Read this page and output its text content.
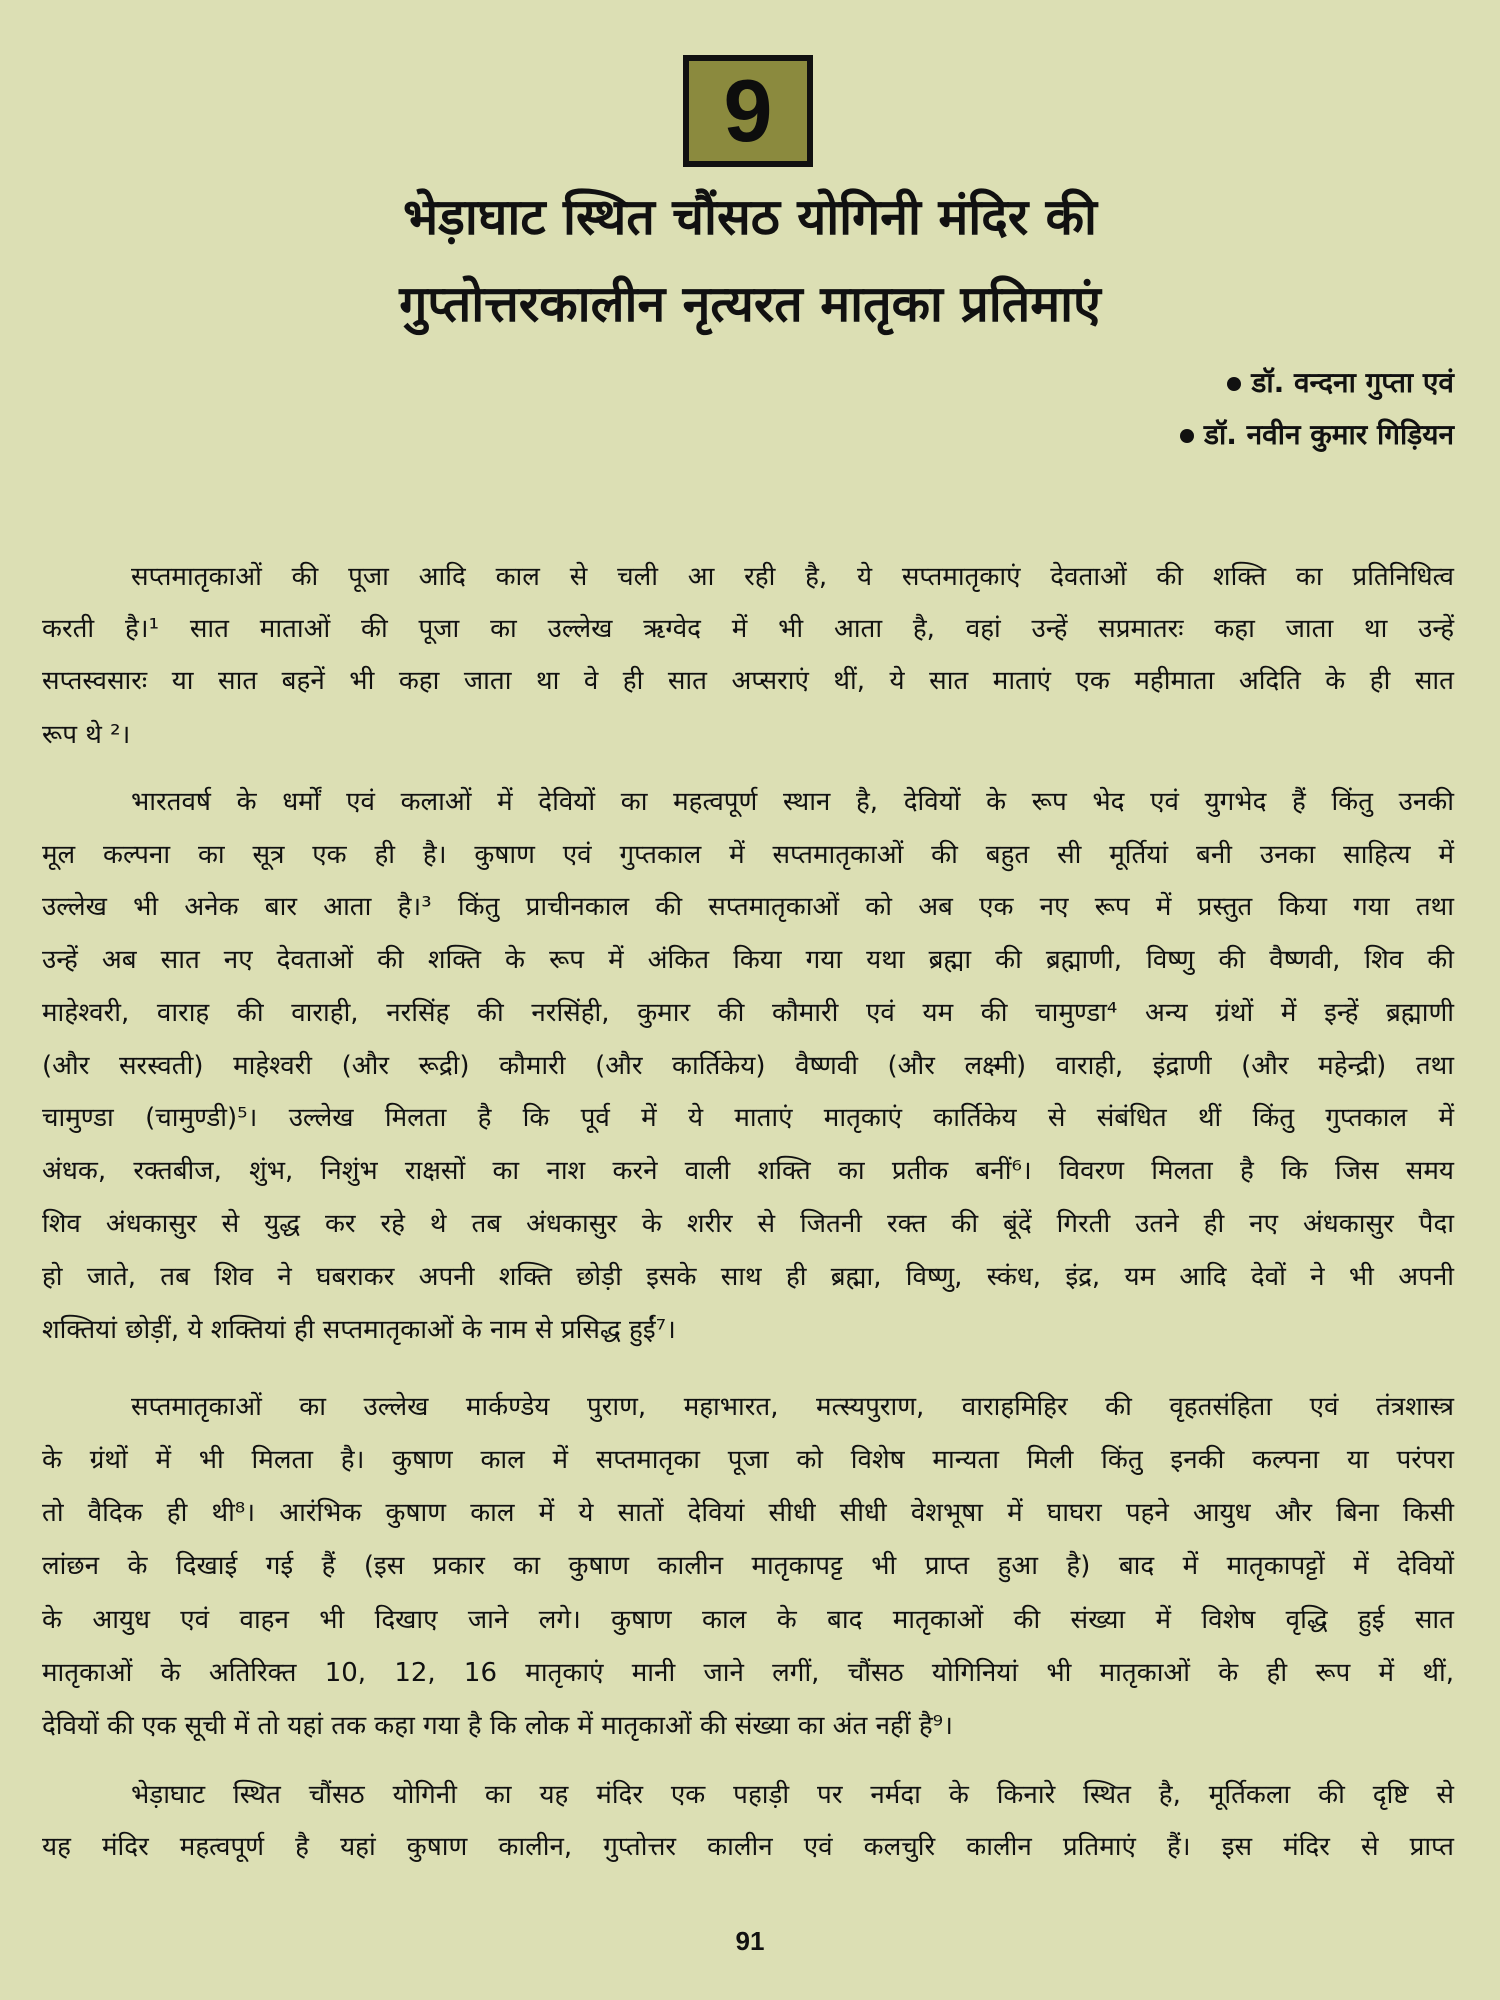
9
भेड़ाघाट स्थित चौंसठ योगिनी मंदिर की
गुप्तोत्तरकालीन नृत्यरत मातृका प्रतिमाएं
डॉ. वन्दना गुप्ता एवं
डॉ. नवीन कुमार गिड़ियन
सप्तमातृकाओं की पूजा आदि काल से चली आ रही है, ये सप्तमातृकाएं देवताओं की शक्ति का प्रतिनिधित्व
करती है।¹ सात माताओं की पूजा का उल्लेख ऋग्वेद में भी आता है, वहां उन्हें सप्रमातरः कहा जाता था उन्हें
सप्तस्वसारः या सात बहनें भी कहा जाता था वे ही सात अप्सराएं थीं, ये सात माताएं एक महीमाता अदिति के ही सात
रूप थे ²।
भारतवर्ष के धर्मों एवं कलाओं में देवियों का महत्वपूर्ण स्थान है, देवियों के रूप भेद एवं युगभेद हैं किंतु उनकी
मूल कल्पना का सूत्र एक ही है। कुषाण एवं गुप्तकाल में सप्तमातृकाओं की बहुत सी मूर्तियां बनी उनका साहित्य में
उल्लेख भी अनेक बार आता है।³ किंतु प्राचीनकाल की सप्तमातृकाओं को अब एक नए रूप में प्रस्तुत किया गया तथा
उन्हें अब सात नए देवताओं की शक्ति के रूप में अंकित किया गया यथा ब्रह्मा की ब्रह्माणी, विष्णु की वैष्णवी, शिव की
माहेश्वरी, वाराह की वाराही, नरसिंह की नरसिंही, कुमार की कौमारी एवं यम की चामुण्डा⁴ अन्य ग्रंथों में इन्हें ब्रह्माणी
(और सरस्वती) माहेश्वरी (और रूद्री) कौमारी (और कार्तिकेय) वैष्णवी (और लक्ष्मी) वाराही, इंद्राणी (और महेन्द्री) तथा
चामुण्डा (चामुण्डी)⁵। उल्लेख मिलता है कि पूर्व में ये माताएं मातृकाएं कार्तिकेय से संबंधित थीं किंतु गुप्तकाल में
अंधक, रक्तबीज, शुंभ, निशुंभ राक्षसों का नाश करने वाली शक्ति का प्रतीक बनीं⁶। विवरण मिलता है कि जिस समय
शिव अंधकासुर से युद्ध कर रहे थे तब अंधकासुर के शरीर से जितनी रक्त की बूंदें गिरती उतने ही नए अंधकासुर पैदा
हो जाते, तब शिव ने घबराकर अपनी शक्ति छोड़ी इसके साथ ही ब्रह्मा, विष्णु, स्कंध, इंद्र, यम आदि देवों ने भी अपनी
शक्तियां छोड़ीं, ये शक्तियां ही सप्तमातृकाओं के नाम से प्रसिद्ध हुईं⁷।
सप्तमातृकाओं का उल्लेख मार्कण्डेय पुराण, महाभारत, मत्स्यपुराण, वाराहमिहिर की वृहतसंहिता एवं तंत्रशास्त्र
के ग्रंथों में भी मिलता है। कुषाण काल में सप्तमातृका पूजा को विशेष मान्यता मिली किंतु इनकी कल्पना या परंपरा
तो वैदिक ही थी⁸। आरंभिक कुषाण काल में ये सातों देवियां सीधी सीधी वेशभूषा में घाघरा पहने आयुध और बिना किसी
लांछन के दिखाई गई हैं (इस प्रकार का कुषाण कालीन मातृकापट्ट भी प्राप्त हुआ है) बाद में मातृकापट्टों में देवियों
के आयुध एवं वाहन भी दिखाए जाने लगे। कुषाण काल के बाद मातृकाओं की संख्या में विशेष वृद्धि हुई सात
मातृकाओं के अतिरिक्त 10, 12, 16 मातृकाएं मानी जाने लगीं, चौंसठ योगिनियां भी मातृकाओं के ही रूप में थीं,
देवियों की एक सूची में तो यहां तक कहा गया है कि लोक में मातृकाओं की संख्या का अंत नहीं है⁹।
भेड़ाघाट स्थित चौंसठ योगिनी का यह मंदिर एक पहाड़ी पर नर्मदा के किनारे स्थित है, मूर्तिकला की दृष्टि से
यह मंदिर महत्वपूर्ण है यहां कुषाण कालीन, गुप्तोत्तर कालीन एवं कलचुरि कालीन प्रतिमाएं हैं। इस मंदिर से प्राप्त
91
